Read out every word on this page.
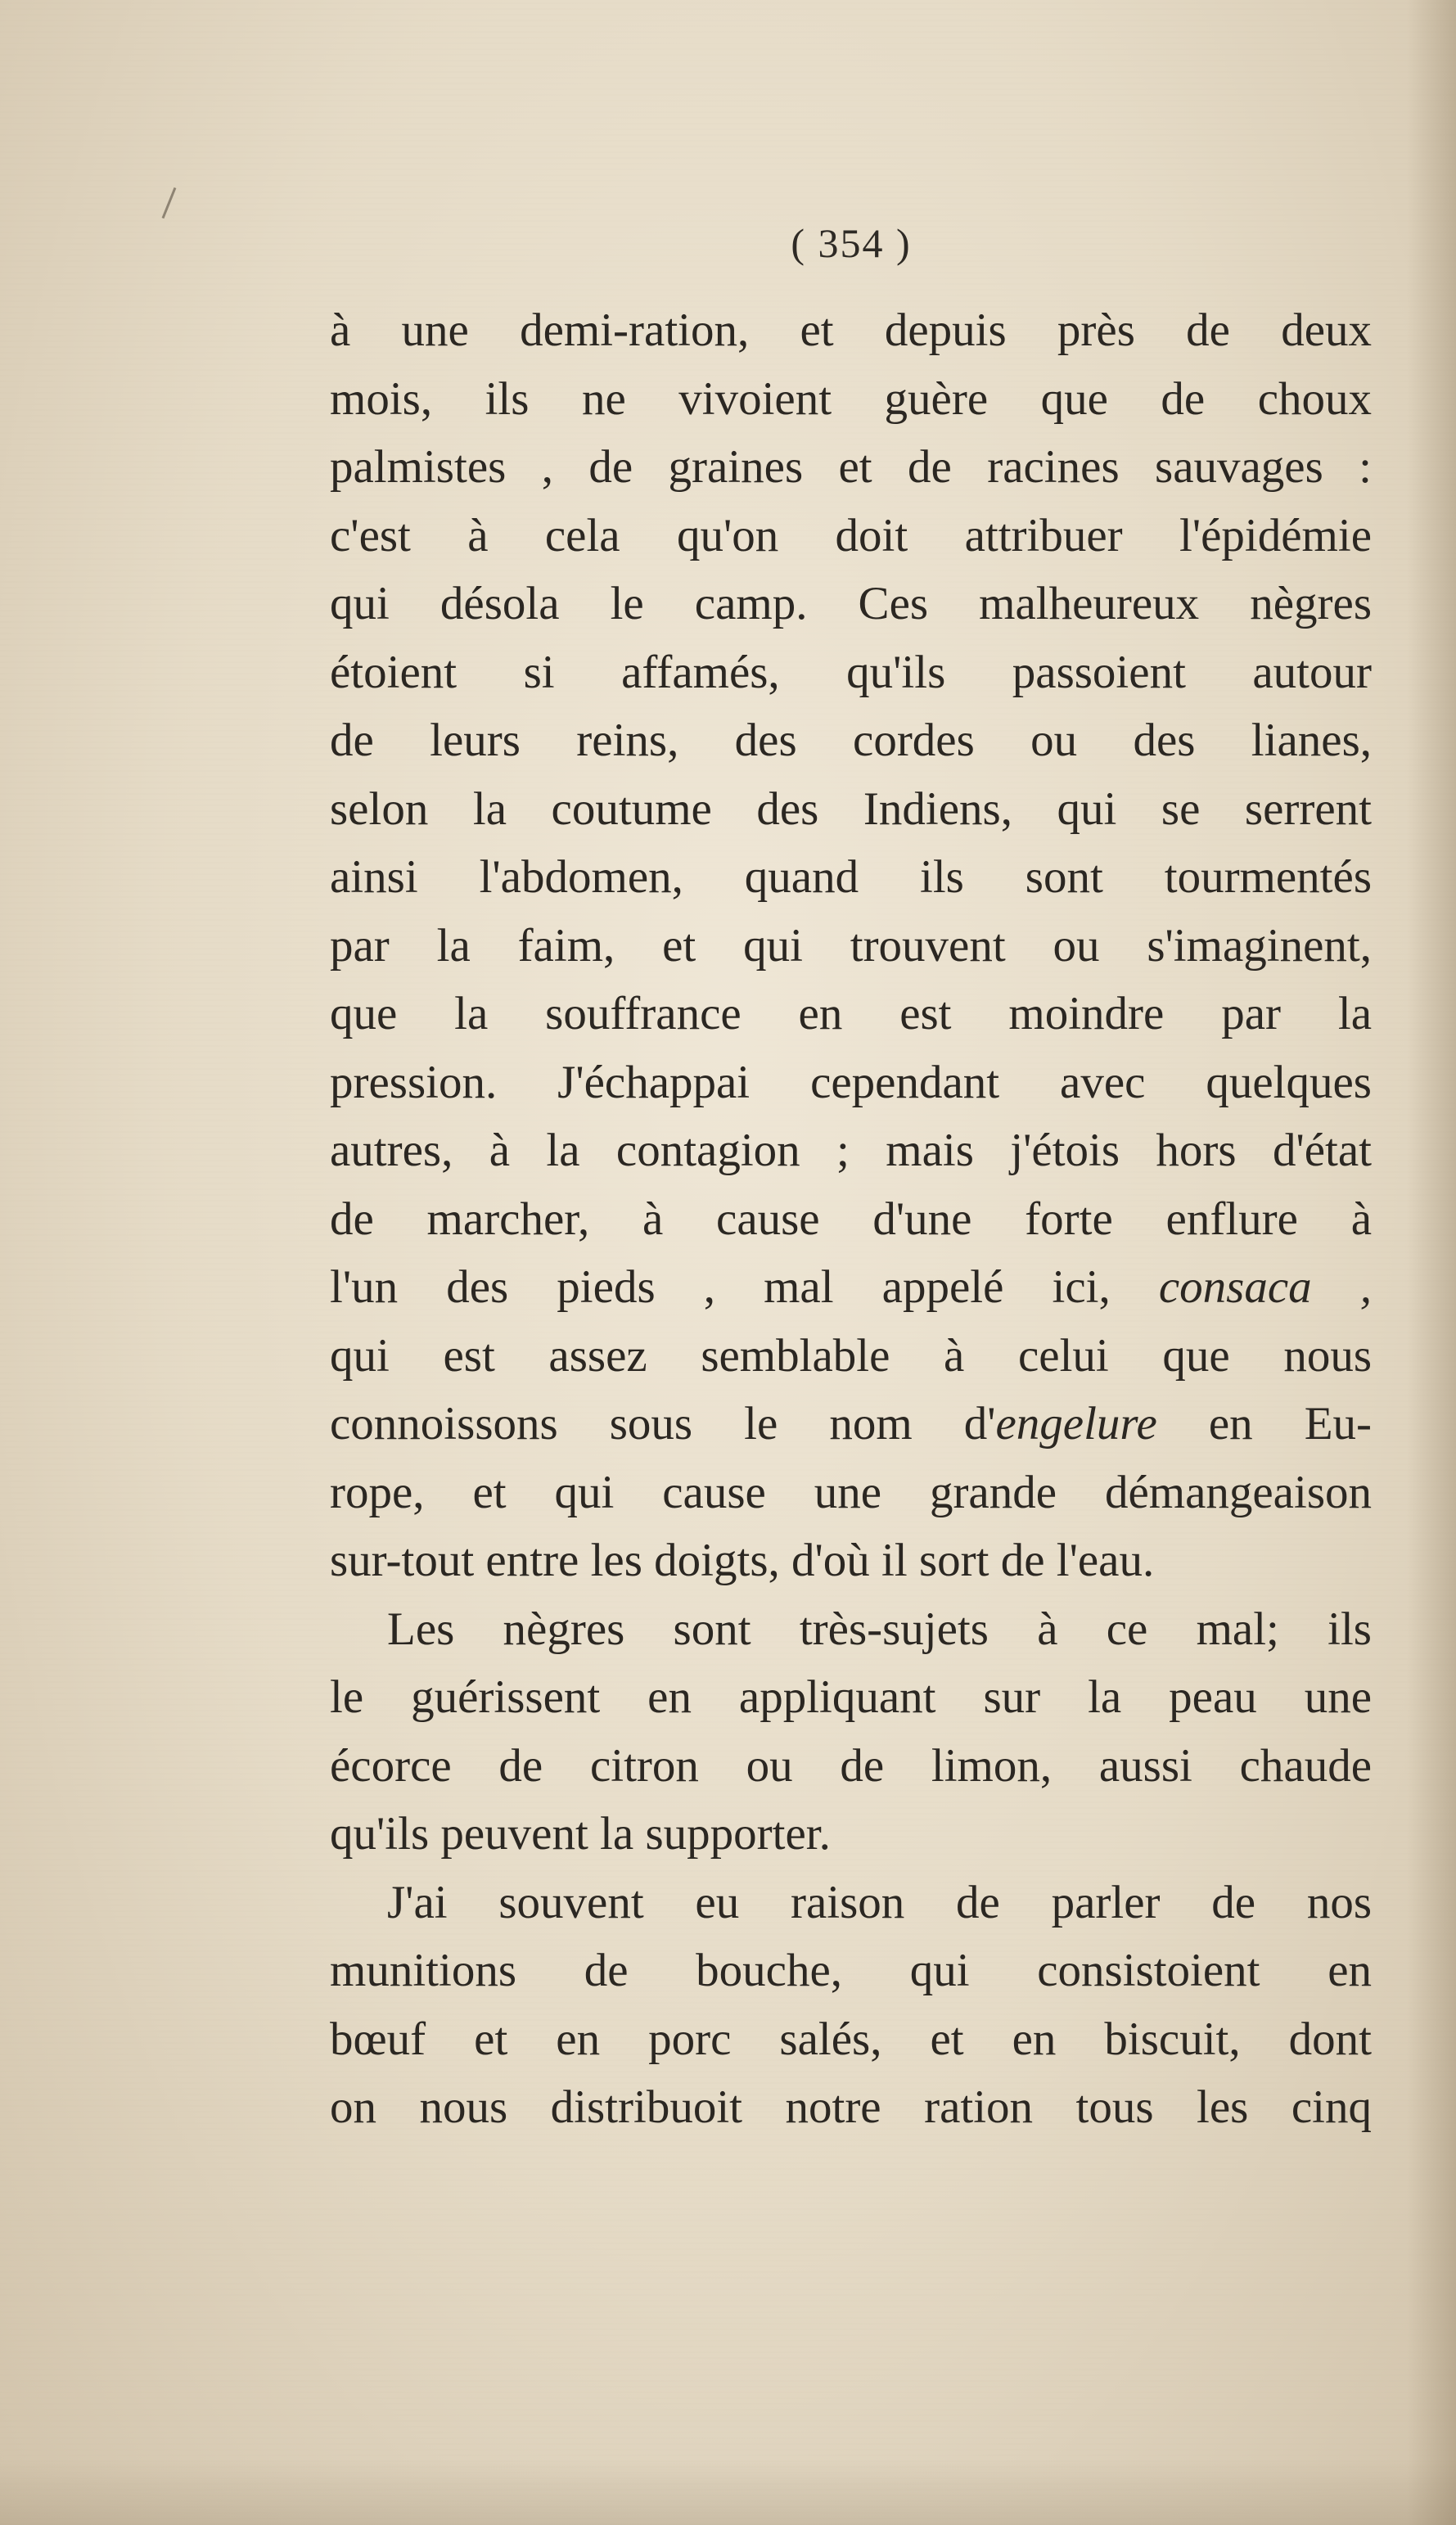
( 354 )
à une demi-ration, et depuis près de deux
mois, ils ne vivoient guère que de choux
palmistes , de graines et de racines sauvages :
c'est à cela qu'on doit attribuer l'épidémie
qui désola le camp. Ces malheureux nègres
étoient si affamés, qu'ils passoient autour
de leurs reins, des cordes ou des lianes,
selon la coutume des Indiens, qui se serrent
ainsi l'abdomen, quand ils sont tourmentés
par la faim, et qui trouvent ou s'imaginent,
que la souffrance en est moindre par la
pression. J'échappai cependant avec quelques
autres, à la contagion ; mais j'étois hors d'état
de marcher, à cause d'une forte enflure à
l'un des pieds , mal appelé ici, consaca ,
qui est assez semblable à celui que nous
connoissons sous le nom d'engelure en Eu-
rope, et qui cause une grande démangeaison
sur-tout entre les doigts, d'où il sort de l'eau.
Les nègres sont très-sujets à ce mal; ils
le guérissent en appliquant sur la peau une
écorce de citron ou de limon, aussi chaude
qu'ils peuvent la supporter.
J'ai souvent eu raison de parler de nos
munitions de bouche, qui consistoient en
bœuf et en porc salés, et en biscuit, dont
on nous distribuoit notre ration tous les cinq
